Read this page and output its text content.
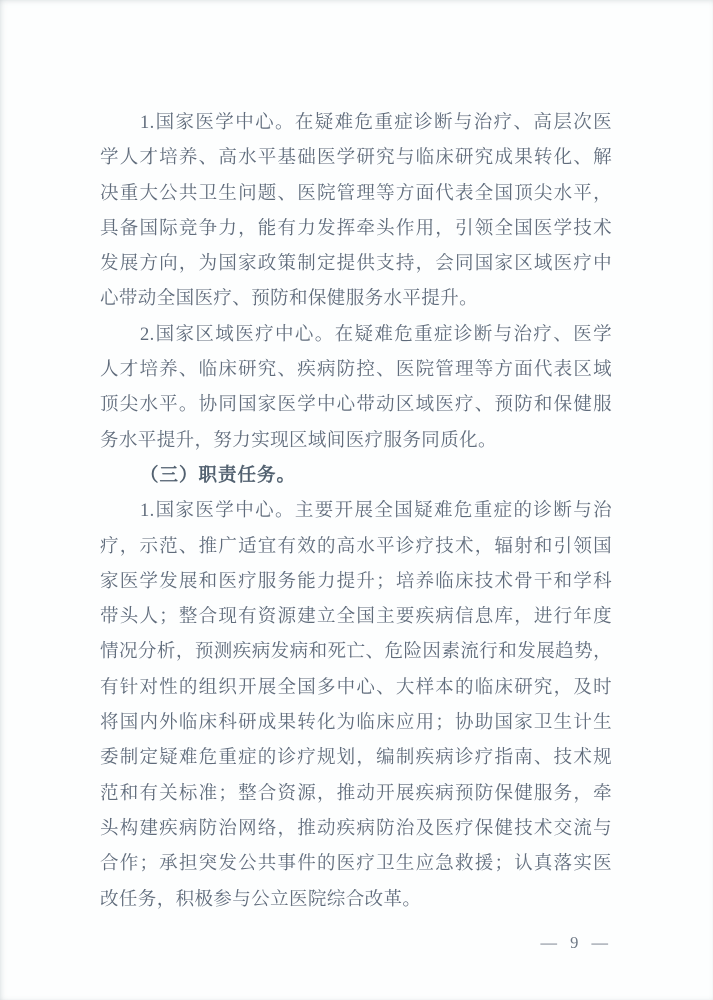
1.国家医学中心。在疑难危重症诊断与治疗、高层次医
学人才培养、高水平基础医学研究与临床研究成果转化、解
决重大公共卫生问题、医院管理等方面代表全国顶尖水平，
具备国际竞争力，能有力发挥牵头作用，引领全国医学技术
发展方向，为国家政策制定提供支持，会同国家区域医疗中
心带动全国医疗、预防和保健服务水平提升。
2.国家区域医疗中心。在疑难危重症诊断与治疗、医学
人才培养、临床研究、疾病防控、医院管理等方面代表区域
顶尖水平。协同国家医学中心带动区域医疗、预防和保健服
务水平提升，努力实现区域间医疗服务同质化。
（三）职责任务。
1.国家医学中心。主要开展全国疑难危重症的诊断与治
疗，示范、推广适宜有效的高水平诊疗技术，辐射和引领国
家医学发展和医疗服务能力提升；培养临床技术骨干和学科
带头人；整合现有资源建立全国主要疾病信息库，进行年度
情况分析，预测疾病发病和死亡、危险因素流行和发展趋势，
有针对性的组织开展全国多中心、大样本的临床研究，及时
将国内外临床科研成果转化为临床应用；协助国家卫生计生
委制定疑难危重症的诊疗规划，编制疾病诊疗指南、技术规
范和有关标准；整合资源，推动开展疾病预防保健服务，牵
头构建疾病防治网络，推动疾病防治及医疗保健技术交流与
合作；承担突发公共事件的医疗卫生应急救援；认真落实医
改任务，积极参与公立医院综合改革。
— 9 —
